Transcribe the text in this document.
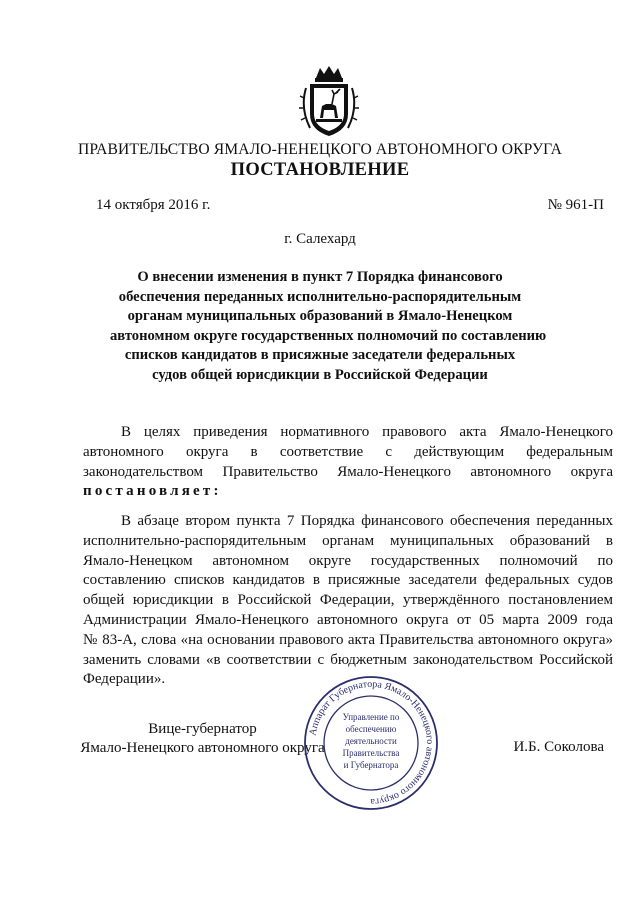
ПРАВИТЕЛЬСТВО ЯМАЛО-НЕНЕЦКОГО АВТОНОМНОГО ОКРУГА
ПОСТАНОВЛЕНИЕ
14 октября 2016 г.	№ 961-П
г. Салехард
О внесении изменения в пункт 7 Порядка финансового
обеспечения переданных исполнительно-распорядительным
органам муниципальных образований в Ямало-Ненецком
автономном округе государственных полномочий по составлению
списков кандидатов в присяжные заседатели федеральных
судов общей юрисдикции в Российской Федерации
В целях приведения нормативного правового акта Ямало-Ненецкого
автономного округа в соответствие с действующим федеральным
законодательством Правительство Ямало-Ненецкого автономного округа
постановляет:
В абзаце втором пункта 7 Порядка финансового обеспечения переданных
исполнительно-распорядительным органам муниципальных образований в
Ямало-Ненецком автономном округе государственных полномочий по
составлению списков кандидатов в присяжные заседатели федеральных судов
общей юрисдикции в Российской Федерации, утверждённого постановлением
Администрации Ямало-Ненецкого автономного округа от 05 марта 2009 года
№ 83-А, слова «на основании правового акта Правительства автономного округа»
заменить словами «в соответствии с бюджетным законодательством Российской
Федерации».
Вице-губернатор
Ямало-Ненецкого автономного округа	И.Б. Соколова
Аппарат Губернатора Ямало-Ненецкого автономного округа
Управление по
обеспечению
деятельности
Правительства
и Губернатора
